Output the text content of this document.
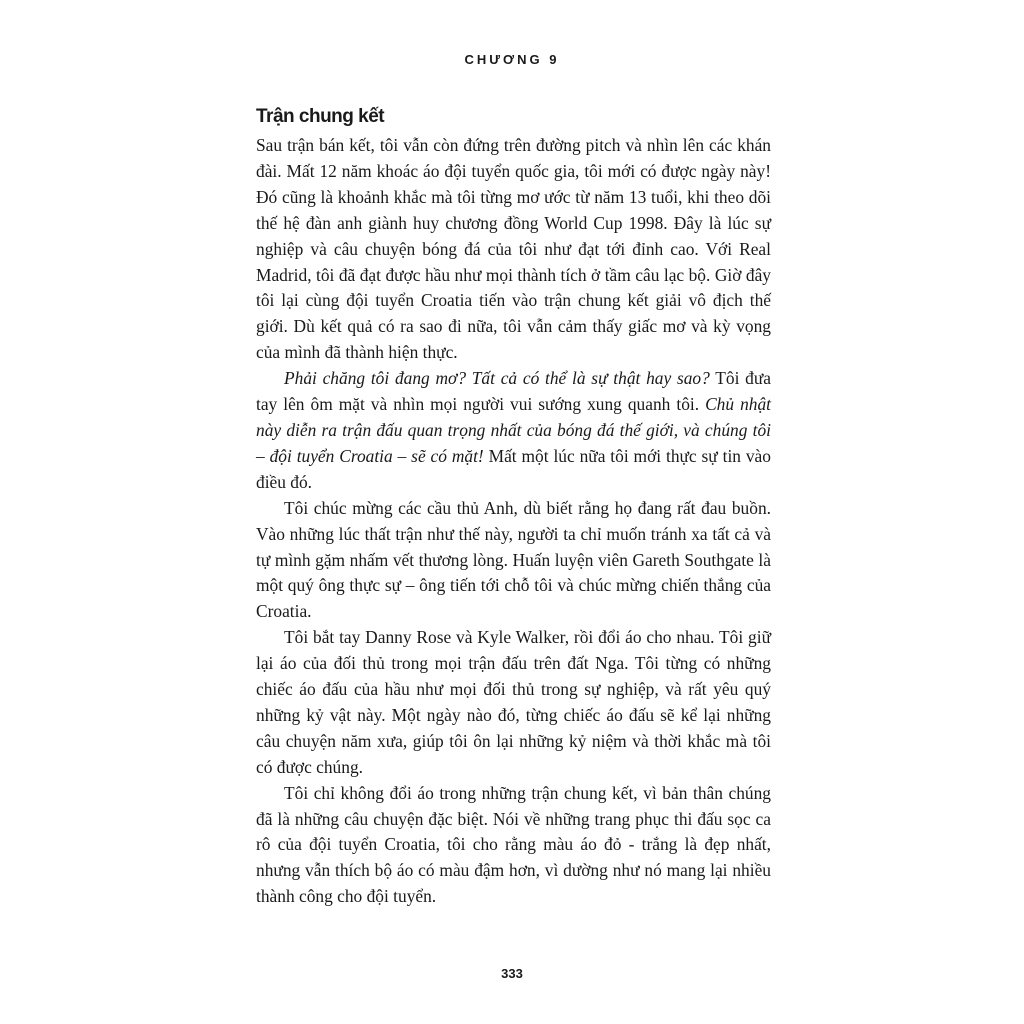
CHƯƠNG 9
Trận chung kết

Sau trận bán kết, tôi vẫn còn đứng trên đường pitch và nhìn lên các khán đài. Mất 12 năm khoác áo đội tuyển quốc gia, tôi mới có được ngày này! Đó cũng là khoảnh khắc mà tôi từng mơ ước từ năm 13 tuổi, khi theo dõi thế hệ đàn anh giành huy chương đồng World Cup 1998. Đây là lúc sự nghiệp và câu chuyện bóng đá của tôi như đạt tới đỉnh cao. Với Real Madrid, tôi đã đạt được hầu như mọi thành tích ở tầm câu lạc bộ. Giờ đây tôi lại cùng đội tuyển Croatia tiến vào trận chung kết giải vô địch thế giới. Dù kết quả có ra sao đi nữa, tôi vẫn cảm thấy giấc mơ và kỳ vọng của mình đã thành hiện thực.

Phải chăng tôi đang mơ? Tất cả có thể là sự thật hay sao? Tôi đưa tay lên ôm mặt và nhìn mọi người vui sướng xung quanh tôi. Chủ nhật này diễn ra trận đấu quan trọng nhất của bóng đá thế giới, và chúng tôi – đội tuyển Croatia – sẽ có mặt! Mất một lúc nữa tôi mới thực sự tin vào điều đó.

Tôi chúc mừng các cầu thủ Anh, dù biết rằng họ đang rất đau buồn. Vào những lúc thất trận như thế này, người ta chỉ muốn tránh xa tất cả và tự mình gặm nhấm vết thương lòng. Huấn luyện viên Gareth Southgate là một quý ông thực sự – ông tiến tới chỗ tôi và chúc mừng chiến thắng của Croatia.

Tôi bắt tay Danny Rose và Kyle Walker, rồi đổi áo cho nhau. Tôi giữ lại áo của đối thủ trong mọi trận đấu trên đất Nga. Tôi từng có những chiếc áo đấu của hầu như mọi đối thủ trong sự nghiệp, và rất yêu quý những kỷ vật này. Một ngày nào đó, từng chiếc áo đấu sẽ kể lại những câu chuyện năm xưa, giúp tôi ôn lại những kỷ niệm và thời khắc mà tôi có được chúng.

Tôi chỉ không đổi áo trong những trận chung kết, vì bản thân chúng đã là những câu chuyện đặc biệt. Nói về những trang phục thi đấu sọc ca rô của đội tuyển Croatia, tôi cho rằng màu áo đỏ - trắng là đẹp nhất, nhưng vẫn thích bộ áo có màu đậm hơn, vì dường như nó mang lại nhiều thành công cho đội tuyển.

333
